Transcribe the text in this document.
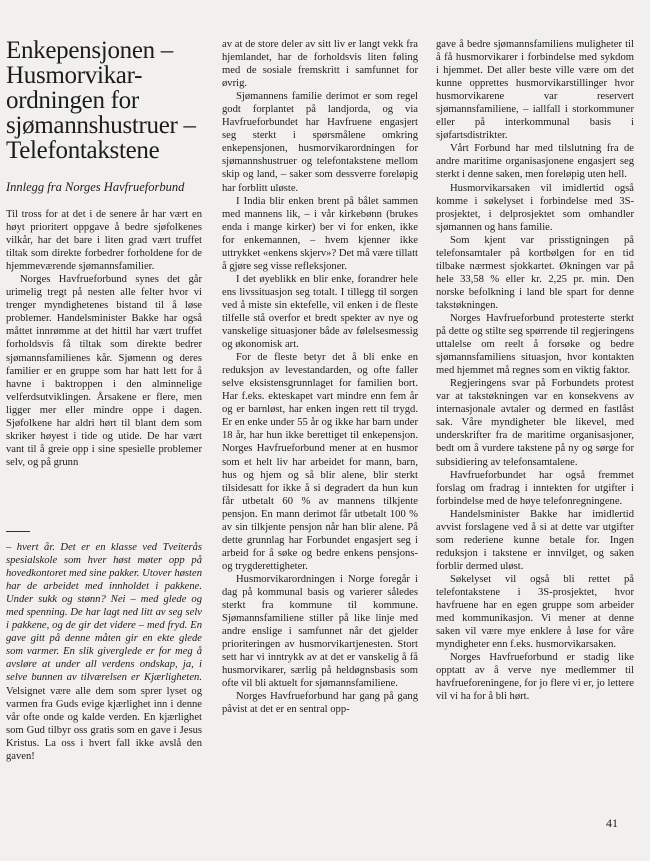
Enkepensjonen – Husmorvikar-ordningen for sjømannshustruer – Telefontakstene
Innlegg fra Norges Havfrueforbund

Til tross for at det i de senere år har vært en høyt prioritert oppgave å bedre sjøfolkenes vilkår, har det bare i liten grad vært truffet tiltak som direkte forbedrer forholdene for de hjemmeværende sjømannsfamilier.

Norges Havfrueforbund synes det går urimelig tregt på nesten alle felter hvor vi trenger myndighetenes bistand til å løse problemer. Handelsminister Bakke har også måttet innrømme at det hittil har vært truffet forholdsvis få tiltak som direkte bedrer sjømannsfamilienes kår. Sjømenn og deres familier er en gruppe som har hatt lett for å havne i baktroppen i den alminnelige velferdsutviklingen. Årsakene er flere, men ligger mer eller mindre oppe i dagen. Sjøfolkene har aldri hørt til blant dem som skriker høyest i tide og utide. De har vært vant til å greie opp i sine spesielle problemer selv, og på grunn

– hvert år. Det er en klasse ved Tveiterås spesialskole som hver høst møter opp på hovedkontoret med sine pakker. Utover høsten har de arbeidet med innholdet i pakkene. Under sukk og stønn? Nei – med glede og med spenning. De har lagt ned litt av seg selv i pakkene, og de gir det videre – med fryd. En gave gitt på denne måten gir en ekte glede som varmer. En slik giverglede er for meg å avsløre at under all verdens ondskap, ja, i selve bunnen av tilværelsen er Kjærligheten. Velsignet være alle dem som sprer lyset og varmen fra Guds evige kjærlighet inn i denne vår ofte onde og kalde verden. En kjærlighet som Gud tilbyr oss gratis som en gave i Jesus Kristus. La oss i hvert fall ikke avslå den gaven!

av at de store deler av sitt liv er langt vekk fra hjemlandet, har de forholdsvis liten føling med de sosiale fremskritt i samfunnet for øvrig.

Sjømannens familie derimot er som regel godt forplantet på landjorda, og via Havfrueforbundet har Havfruene engasjert seg sterkt i spørsmålene omkring enkepensjonen, husmorvikarordningen for sjømannshustruer og telefontakstene mellom skip og land, – saker som dessverre foreløpig har forblitt uløste.

I India blir enken brent på bålet sammen med mannens lik, – i vår kirkebønn (brukes enda i mange kirker) ber vi for enken, ikke for enkemannen, – hvem kjenner ikke uttrykket «enkens skjerv»? Det må være tillatt å gjøre seg visse refleksjoner.

I det øyeblikk en blir enke, forandrer hele ens livssituasjon seg totalt. I tillegg til sorgen ved å miste sin ektefelle, vil enken i de fleste tilfelle stå overfor et bredt spekter av nye og vanskelige situasjoner både av følelsesmessig og økonomisk art.

For de fleste betyr det å bli enke en reduksjon av levestandarden, og ofte faller selve eksistensgrunnlaget for familien bort. Har f.eks. ekteskapet vart mindre enn fem år og er barnløst, har enken ingen rett til trygd. Er en enke under 55 år og ikke har barn under 18 år, har hun ikke berettiget til enkepensjon. Norges Havfrueforbund mener at en husmor som et helt liv har arbeidet for mann, barn, hus og hjem og så blir alene, blir sterkt tilsidesatt for ikke å si degradert da hun kun får utbetalt 60 % av mannens tilkjente pensjon. En mann derimot får utbetalt 100 % av sin tilkjente pensjon når han blir alene. På dette grunnlag har Forbundet engasjert seg i arbeid for å søke og bedre enkens pensjons- og trygderettigheter.

Husmorvikarordningen i Norge foregår i dag på kommunal basis og varierer således sterkt fra kommune til kommune. Sjømannsfamiliene stiller på like linje med andre enslige i samfunnet når det gjelder prioriteringen av husmorvikartjenesten. Stort sett har vi inntrykk av at det er vanskelig å få husmorvikarer, særlig på heldøgnsbasis som ofte vil bli aktuelt for sjømannsfamiliene.

Norges Havfrueforbund har gang på gang påvist at det er en sentral opp-

gave å bedre sjømannsfamiliens muligheter til å få husmorvikarer i forbindelse med sykdom i hjemmet. Det aller beste ville være om det kunne opprettes husmorvikarstillinger hvor husmorvikarene var reservert sjømannsfamiliene, – iallfall i storkommuner eller på interkommunal basis i sjøfartsdistrikter.

Vårt Forbund har med tilslutning fra de andre maritime organisasjonene engasjert seg sterkt i denne saken, men foreløpig uten hell.

Husmorvikarsaken vil imidlertid også komme i søkelyset i forbindelse med 3S-prosjektet, i delprosjektet som omhandler sjømannen og hans familie.

Som kjent var prisstigningen på telefonsamtaler på kortbølgen for en tid tilbake nærmest sjokkartet. Økningen var på hele 33,58 % eller kr. 2,25 pr. min. Den norske befolkning i land ble spart for denne takstøkningen.

Norges Havfrueforbund protesterte sterkt på dette og stilte seg spørrende til regjeringens uttalelse om reelt å forsøke og bedre sjømannsfamiliens situasjon, hvor kontakten med hjemmet må regnes som en viktig faktor.

Regjeringens svar på Forbundets protest var at takstøkningen var en konsekvens av internasjonale avtaler og dermed en fastlåst sak. Våre myndigheter ble likevel, med underskrifter fra de maritime organisasjoner, bedt om å vurdere takstene på ny og sørge for subsidiering av telefonsamtalene.

Havfrueforbundet har også fremmet forslag om fradrag i inntekten for utgifter i forbindelse med de høye telefonregningene.

Handelsminister Bakke har imidlertid avvist forslagene ved å si at dette var utgifter som rederiene kunne betale for. Ingen reduksjon i takstene er innvilget, og saken forblir dermed uløst.

Søkelyset vil også bli rettet på telefontakstene i 3S-prosjektet, hvor havfruene har en egen gruppe som arbeider med kommunikasjon. Vi mener at denne saken vil være mye enklere å løse for våre myndigheter enn f.eks. husmorvikarsaken.

Norges Havfrueforbund er stadig like opptatt av å verve nye medlemmer til havfrueforeningene, for jo flere vi er, jo lettere vil vi ha for å bli hørt.

41
